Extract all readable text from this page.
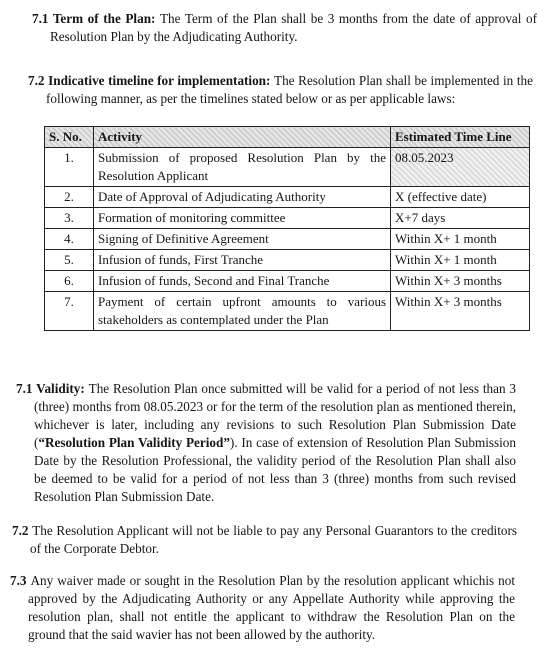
7.1 Term of the Plan: The Term of the Plan shall be 3 months from the date of approval of Resolution Plan by the Adjudicating Authority.
7.2 Indicative timeline for implementation: The Resolution Plan shall be implemented in the following manner, as per the timelines stated below or as per applicable laws:
S. No.	Activity	Estimated Time Line
1.	Submission of proposed Resolution Plan by the Resolution Applicant	08.05.2023
2.	Date of Approval of Adjudicating Authority	X (effective date)
3.	Formation of monitoring committee	X+7 days
4.	Signing of Definitive Agreement	Within X+ 1 month
5.	Infusion of funds, First Tranche	Within X+ 1 month
6.	Infusion of funds, Second and Final Tranche	Within X+ 3 months
7.	Payment of certain upfront amounts to various stakeholders as contemplated under the Plan	Within X+ 3 months
7.1 Validity: The Resolution Plan once submitted will be valid for a period of not less than 3 (three) months from 08.05.2023 or for the term of the resolution plan as mentioned therein, whichever is later, including any revisions to such Resolution Plan Submission Date (“Resolution Plan Validity Period”). In case of extension of Resolution Plan Submission Date by the Resolution Professional, the validity period of the Resolution Plan shall also be deemed to be valid for a period of not less than 3 (three) months from such revised Resolution Plan Submission Date.
7.2 The Resolution Applicant will not be liable to pay any Personal Guarantors to the creditors of the Corporate Debtor.
7.3 Any waiver made or sought in the Resolution Plan by the resolution applicant whichis not approved by the Adjudicating Authority or any Appellate Authority while approving the resolution plan, shall not entitle the applicant to withdraw the Resolution Plan on the ground that the said wavier has not been allowed by the authority.
